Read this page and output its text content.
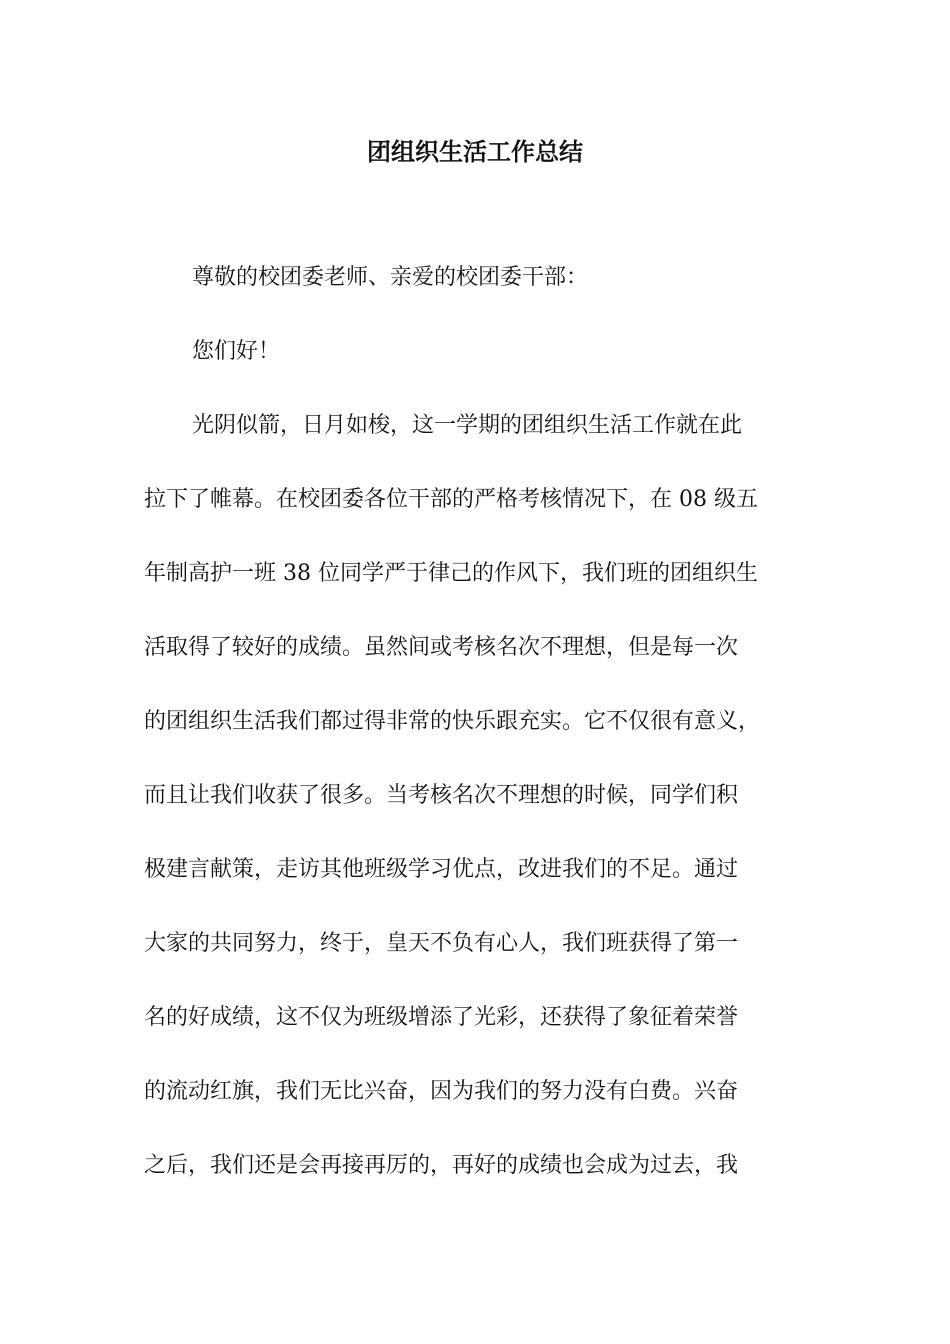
团组织生活工作总结
尊敬的校团委老师、亲爱的校团委干部：
您们好！
光阴似箭，日月如梭，这一学期的团组织生活工作就在此
拉下了帷幕。在校团委各位干部的严格考核情况下，在 08 级五
年制高护一班 38 位同学严于律己的作风下，我们班的团组织生
活取得了较好的成绩。虽然间或考核名次不理想，但是每一次
的团组织生活我们都过得非常的快乐跟充实。它不仅很有意义，
而且让我们收获了很多。当考核名次不理想的时候，同学们积
极建言献策，走访其他班级学习优点，改进我们的不足。通过
大家的共同努力，终于，皇天不负有心人，我们班获得了第一
名的好成绩，这不仅为班级增添了光彩，还获得了象征着荣誉
的流动红旗，我们无比兴奋，因为我们的努力没有白费。兴奋
之后，我们还是会再接再厉的，再好的成绩也会成为过去，我
